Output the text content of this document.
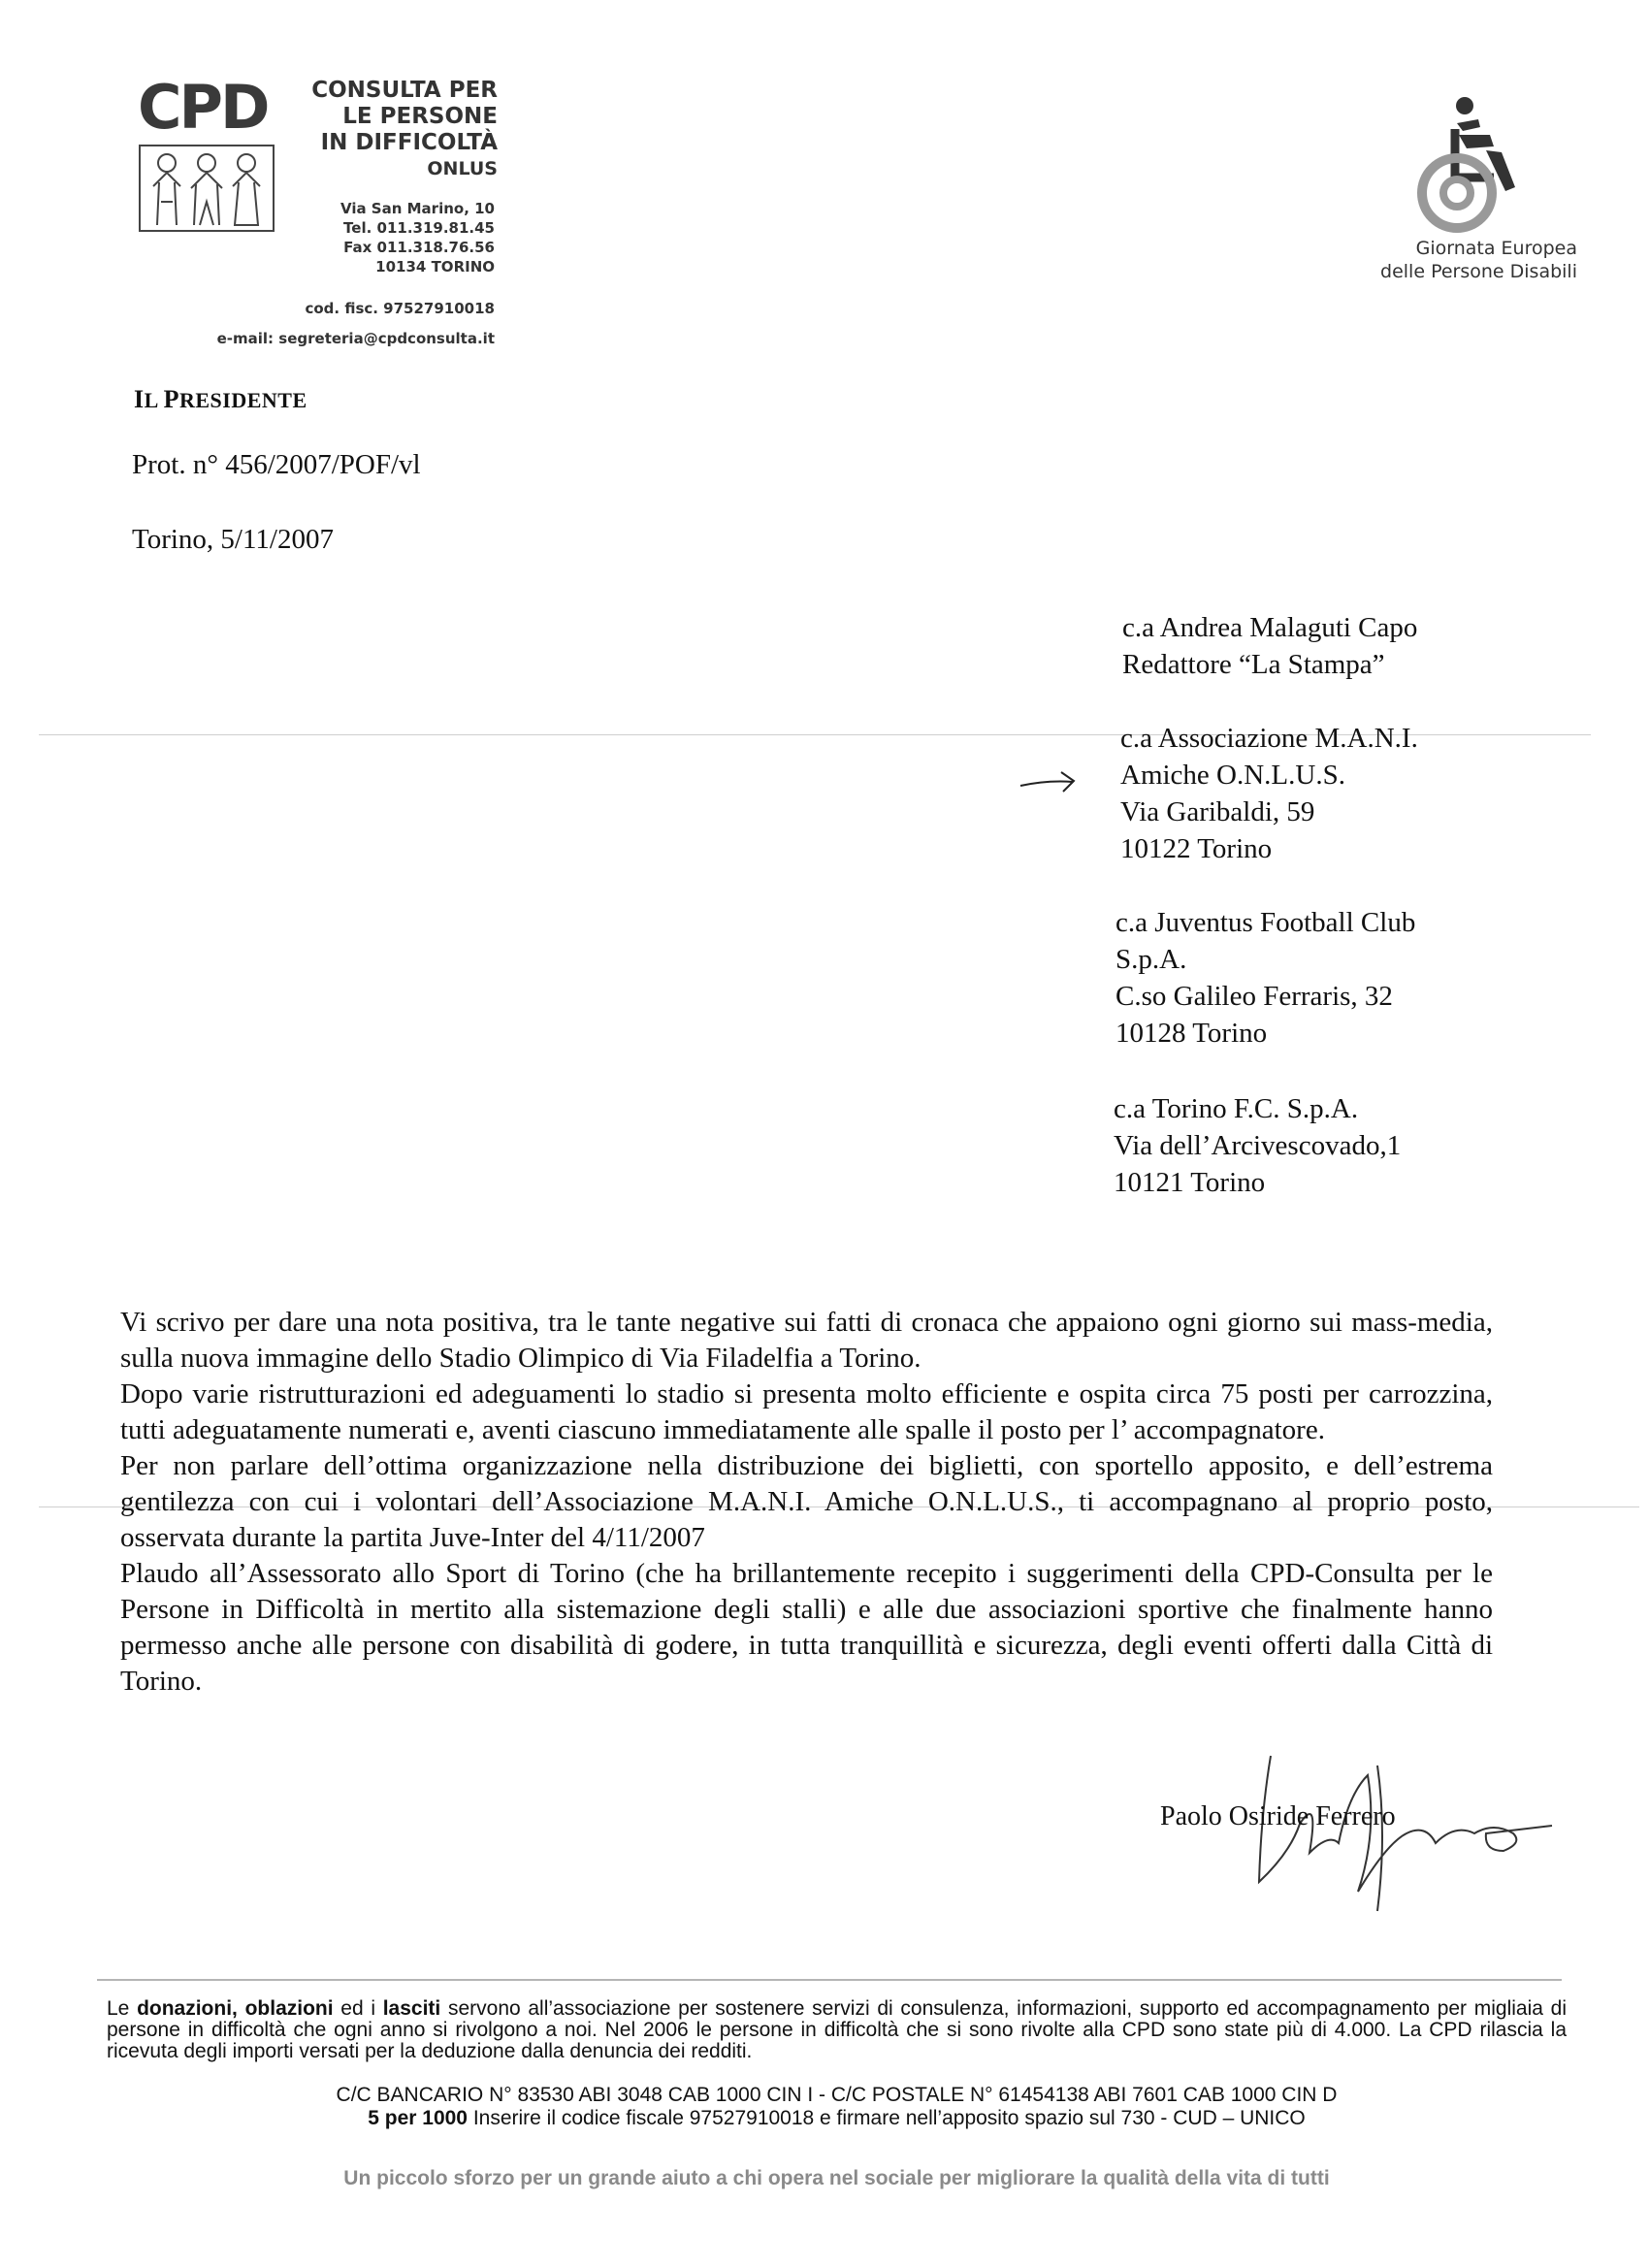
CPD	CONSULTA PER
LE PERSONE
IN DIFFICOLTÀ
ONLUS
Via San Marino, 10
Tel. 011.319.81.45
Fax 011.318.76.56
10134 TORINO
cod. fisc. 97527910018
e-mail: segreteria@cpdconsulta.it
IL PRESIDENTE
Prot. n° 456/2007/POF/vl
Torino, 5/11/2007
Giornata Europea
delle Persone Disabili
c.a Andrea Malaguti Capo
Redattore “La Stampa”
c.a Associazione M.A.N.I.
Amiche O.N.L.U.S.
Via Garibaldi, 59
10122 Torino
c.a Juventus Football Club
S.p.A.
C.so Galileo Ferraris, 32
10128 Torino
c.a Torino F.C. S.p.A.
Via dell’Arcivescovado,1
10121 Torino

Vi scrivo per dare una nota positiva, tra le tante negative sui fatti di cronaca che appaiono ogni giorno sui mass-media, sulla nuova immagine dello Stadio Olimpico di Via Filadelfia a Torino.

Dopo varie ristrutturazioni ed adeguamenti lo stadio si presenta molto efficiente e ospita circa 75 posti per carrozzina, tutti adeguatamente numerati e, aventi ciascuno immediatamente alle spalle il posto per l’ accompagnatore.

Per non parlare dell’ottima organizzazione nella distribuzione dei biglietti, con sportello apposito, e dell’estrema gentilezza con cui i volontari dell’Associazione M.A.N.I. Amiche O.N.L.U.S., ti accompagnano al proprio posto, osservata durante la partita Juve-Inter del 4/11/2007

Plaudo all’Assessorato allo Sport di Torino (che ha brillantemente recepito i suggerimenti della CPD-Consulta per le Persone in Difficoltà in mertito alla sistemazione degli stalli) e alle due associazioni sportive che finalmente hanno permesso anche alle persone con disabilità di godere, in tutta tranquillità e sicurezza, degli eventi offerti dalla Città di Torino.

Paolo Osiride Ferrero

Le donazioni, oblazioni ed i lasciti servono all’associazione per sostenere servizi di consulenza, informazioni, supporto ed accompagnamento per migliaia di persone in difficoltà che ogni anno si rivolgono a noi. Nel 2006 le persone in difficoltà che si sono rivolte alla CPD sono state più di 4.000. La CPD rilascia la ricevuta degli importi versati per la deduzione dalla denuncia dei redditi.

C/C BANCARIO N° 83530 ABI 3048 CAB 1000 CIN I - C/C POSTALE N° 61454138 ABI 7601 CAB 1000 CIN D
5 per 1000 Inserire il codice fiscale 97527910018 e firmare nell’apposito spazio sul 730 - CUD – UNICO
Un piccolo sforzo per un grande aiuto a chi opera nel sociale per migliorare la qualità della vita di tutti
